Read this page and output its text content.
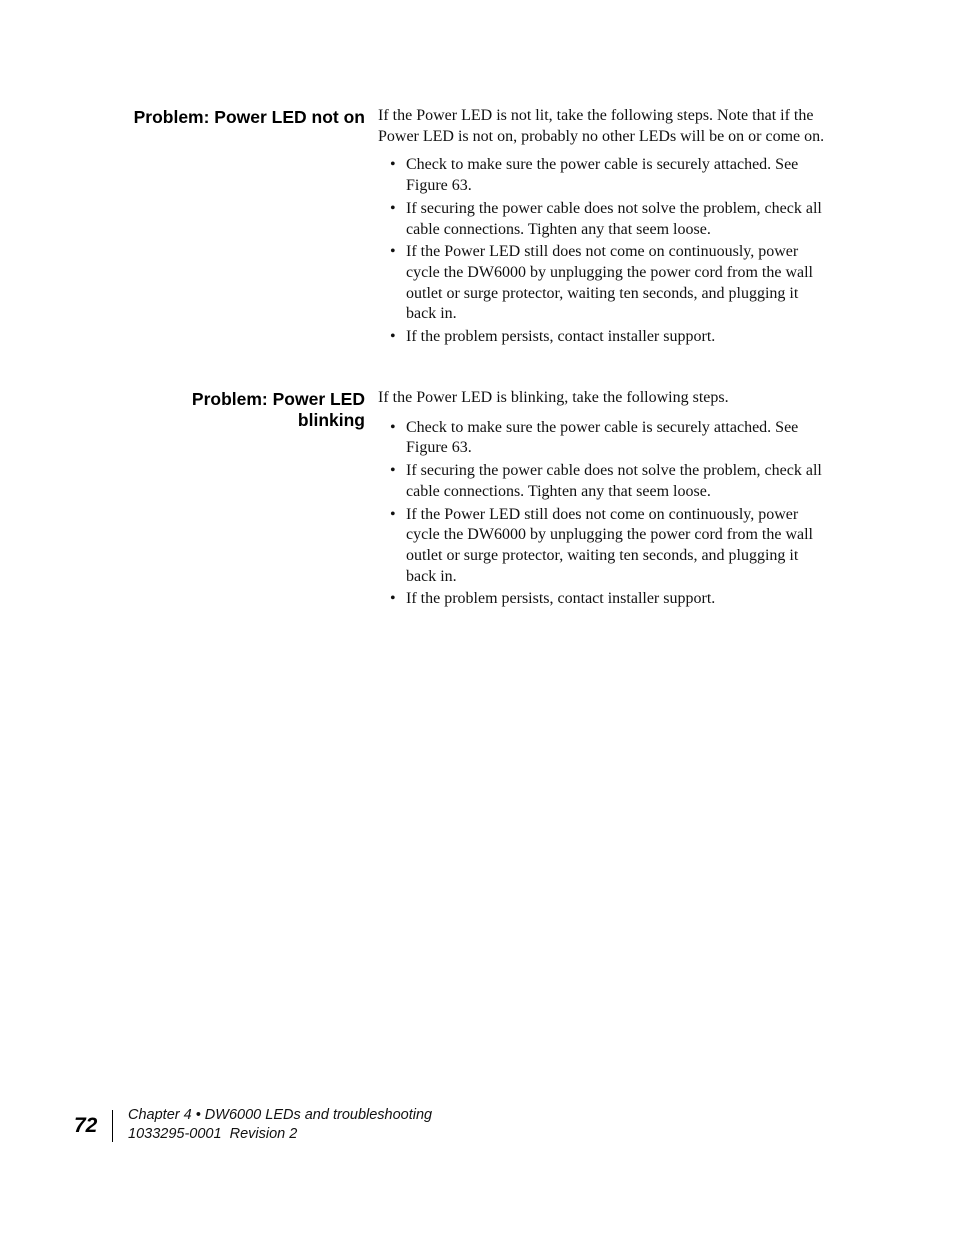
Problem: Power LED not on If the Power LED is not lit, take the following steps. Note that if the Power LED is not on, probably no other LEDs will be on or come on.

• Check to make sure the power cable is securely attached. See Figure 63.
• If securing the power cable does not solve the problem, check all cable connections. Tighten any that seem loose.
• If the Power LED still does not come on continuously, power cycle the DW6000 by unplugging the power cord from the wall outlet or surge protector, waiting ten seconds, and plugging it back in.
• If the problem persists, contact installer support.
Problem: Power LED
blinking

If the Power LED is blinking, take the following steps.

• Check to make sure the power cable is securely attached. See Figure 63.
• If securing the power cable does not solve the problem, check all cable connections. Tighten any that seem loose.
• If the Power LED still does not come on continuously, power cycle the DW6000 by unplugging the power cord from the wall outlet or surge protector, waiting ten seconds, and plugging it back in.
• If the problem persists, contact installer support.
72 Chapter 4 • DW6000 LEDs and troubleshooting
1033295-0001  Revision 2
